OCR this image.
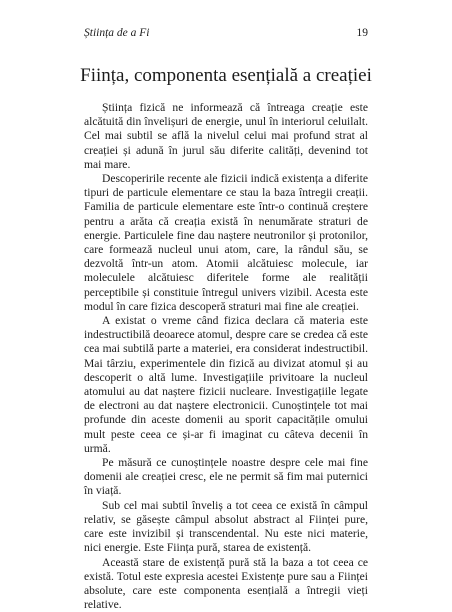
Știința de a Fi	19
Ființa, componenta esențială a creației

Știința fizică ne informează că întreaga creație este alcătuită din învelișuri de energie, unul în interiorul celuilalt. Cel mai subtil se află la nivelul celui mai profund strat al creației și adună în jurul său diferite calități, devenind tot mai mare.

Descoperirile recente ale fizicii indică existența a diferite tipuri de particule elementare ce stau la baza întregii creații. Familia de particule elementare este într-o continuă creștere pentru a arăta că creația există în nenumărate straturi de energie. Particulele fine dau naștere neutronilor și protonilor, care formează nucleul unui atom, care, la rândul său, se dezvoltă într-un atom. Atomii alcătuiesc molecule, iar moleculele alcătuiesc diferitele forme ale realității perceptibile și constituie întregul univers vizibil. Acesta este modul în care fizica descoperă straturi mai fine ale creației.

A existat o vreme când fizica declara că materia este indestructibilă deoarece atomul, despre care se credea că este cea mai subtilă parte a materiei, era considerat indestructibil. Mai târziu, experimentele din fizică au divizat atomul și au descoperit o altă lume. Investigațiile privitoare la nucleul atomului au dat naștere fizicii nucleare. Investigațiile legate de electroni au dat naștere electronicii. Cunoștințele tot mai profunde din aceste domenii au sporit capacitățile omului mult peste ceea ce și-ar fi imaginat cu câteva decenii în urmă.

Pe măsură ce cunoștințele noastre despre cele mai fine domenii ale creației cresc, ele ne permit să fim mai puternici în viață.

Sub cel mai subtil înveliș a tot ceea ce există în câmpul relativ, se găsește câmpul absolut abstract al Ființei pure, care este invizibil și transcendental. Nu este nici materie, nici energie. Este Ființa pură, starea de existență.

Această stare de existență pură stă la baza a tot ceea ce există. Totul este expresia acestei Existențe pure sau a Ființei absolute, care este componenta esențială a întregii vieți relative.
